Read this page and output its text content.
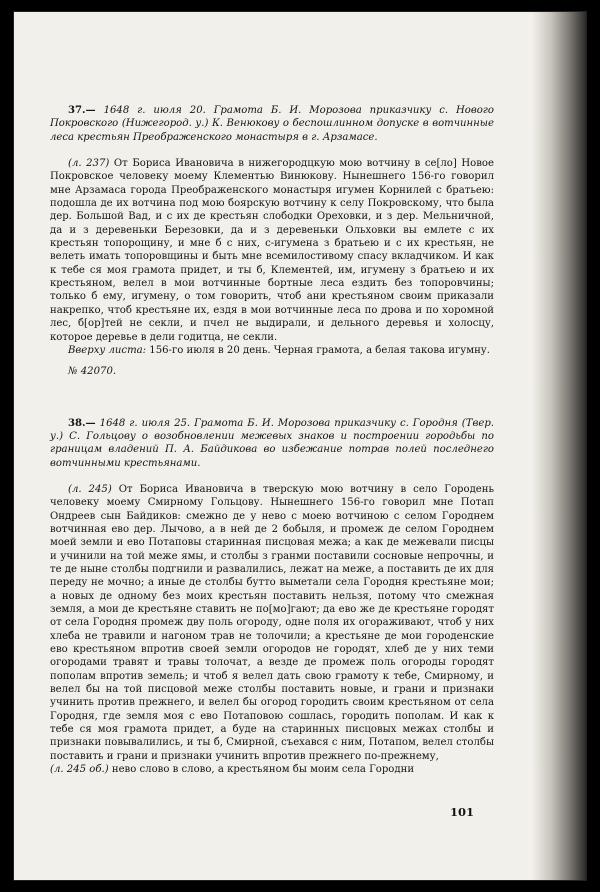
37.— 1648 г. июля 20. Грамота Б. И. Морозова приказчику с. Нового Покровского (Нижегород. у.) К. Венюкову о беспошлинном допуске в вотчинные леса крестьян Преображенского монастыря в г. Арзамасе.

(л. 237) От Бориса Ивановича в нижегородцкую мою вотчину в се[ло] Новое Покровское человеку моему Клементью Винюкову. Нынешнего 156-го говорил мне Арзамаса города Преображенского монастыря игумен Корнилей с братьею: подошла де их вотчина под мою боярскую вотчину к селу Покровскому, что была дер. Большой Вад, и с их де крестьян слободки Ореховки, и з дер. Мельничной, да и з деревеньки Березовки, да и з деревеньки Ольховки вы емлете с их крестьян топорощину, и мне б с них, с-игумена з братьею и с их крестьян, не велеть имать топоровщины и быть мне всемилостивому спасу вкладчиком. И как к тебе ся моя грамота придет, и ты б, Клементей, им, игумену з братьею и их крестьяном, велел в мои вотчинные бортные леса ездить без топоровчины; только б ему, игумену, о том говорить, чтоб ани крестьяном своим приказали накрепко, чтоб крестьяне их, ездя в мои вотчинные леса по дрова и по хоромной лес, б[ор]тей не секли, и пчел не выдирали, и дельного деревья и холосцу, которое деревье в дели годитца, не секли.

Вверху листа: 156-го июля в 20 день. Черная грамота, а белая такова игумну.

№ 42070.

38.— 1648 г. июля 25. Грамота Б. И. Морозова приказчику с. Городня (Твер. у.) С. Гольцову о возобновлении межевых знаков и построении городьбы по границам владений П. А. Байдикова во избежание потрав полей последнего вотчинными крестьянами.

(л. 245) От Бориса Ивановича в тверскую мою вотчину в село Городень человеку моему Смирному Гольцову. Нынешнего 156-го говорил мне Потап Ондреев сын Байдиков: смежно де у нево с моею вотчиною с селом Городнем вотчинная ево дер. Лычово, а в ней де 2 бобыля, и промеж де селом Городнем моей земли и ево Потаповы старинная писцовая межа; а как де межевали писцы и учинили на той меже ямы, и столбы з гранми поставили сосновые непрочны, и те де ныне столбы подгнили и развалились, лежат на меже, а поставить де их для переду не мочно; а иные де столбы бутто выметали села Городня крестьяне мои; а новых де одному без моих крестьян поставить нельзя, потому что смежная земля, а мои де крестьяне ставить не по[мо]гают; да ево же де крестьяне городят от села Городня промеж дву поль огороду, одне поля их огораживают, чтоб у них хлеба не травили и нагоном трав не толочили; а крестьяне де мои городенские ево крестьяном впротив своей земли огородов не городят, хлеб де у них теми огородами травят и травы толочат, а везде де промеж поль огороды городят пополам впротив земель; и чтоб я велел дать свою грамоту к тебе, Смирному, и велел бы на той писцовой меже столбы поставить новые, и грани и признаки учинить против прежнего, и велел бы огород городить своим крестьяном от села Городня, где земля моя с ево Потаповою сошлась, городить пополам. И как к тебе ся моя грамота придет, а буде на старинных писцовых межах столбы и признаки повывалились, и ты б, Смирной, съехався с ним, Потапом, велел столбы поставить и грани и признаки учинить впротив прежнего по-прежнему,

(л. 245 об.) нево слово в слово, а крестьяном бы моим села Городни

101
